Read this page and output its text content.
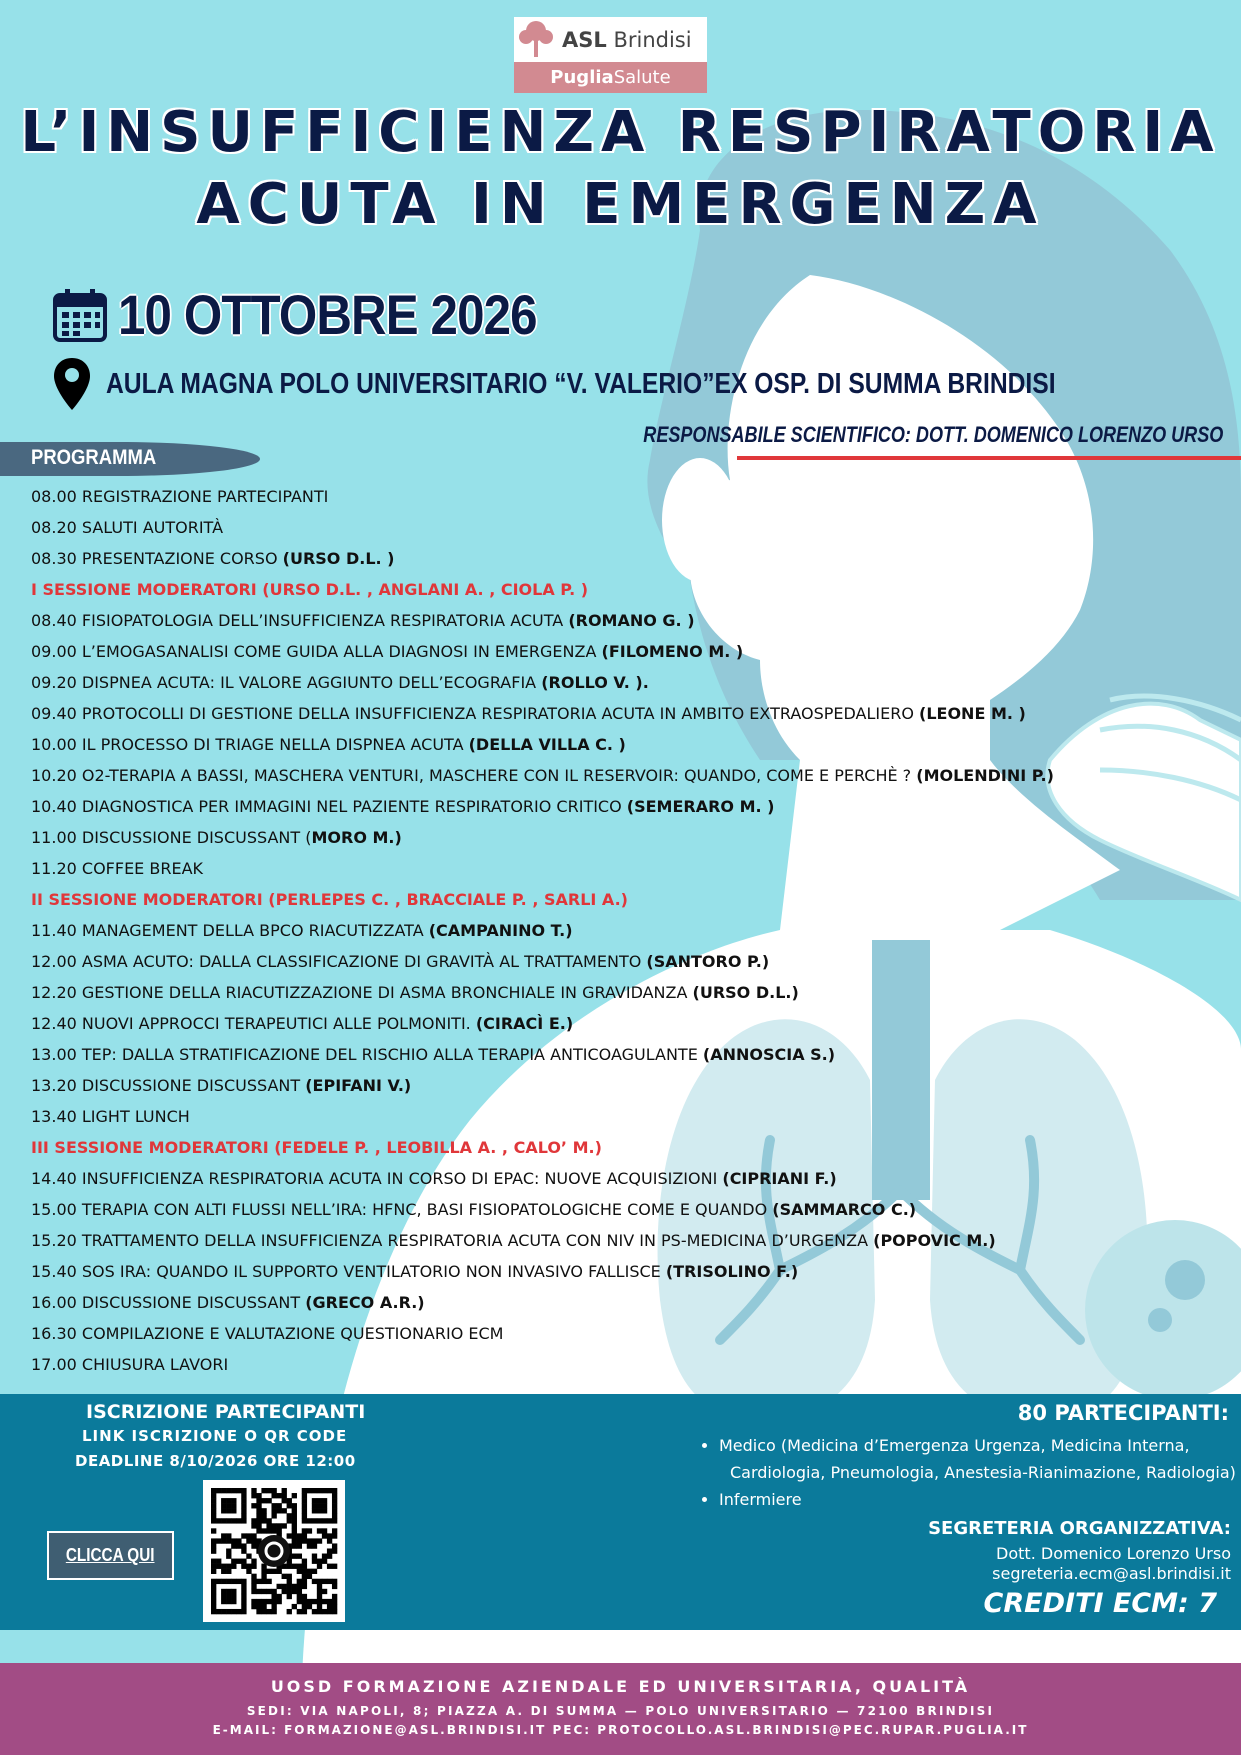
ASL Brindisi
PugliaSalute
L’INSUFFICIENZA RESPIRATORIA
ACUTA IN EMERGENZA
10 OTTOBRE 2026
AULA MAGNA POLO UNIVERSITARIO “V. VALERIO”EX OSP. DI SUMMA BRINDISI
RESPONSABILE SCIENTIFICO: DOTT. DOMENICO LORENZO URSO
PROGRAMMA
08.00 REGISTRAZIONE PARTECIPANTI
08.20 SALUTI AUTORITÀ
08.30 PRESENTAZIONE CORSO (URSO D.L. )
I SESSIONE MODERATORI (URSO D.L. , ANGLANI A. , CIOLA P. )
08.40 FISIOPATOLOGIA DELL’INSUFFICIENZA RESPIRATORIA ACUTA (ROMANO G. )
09.00 L’EMOGASANALISI COME GUIDA ALLA DIAGNOSI IN EMERGENZA (FILOMENO M. )
09.20 DISPNEA ACUTA: IL VALORE AGGIUNTO DELL’ECOGRAFIA (ROLLO V. ).
09.40 PROTOCOLLI DI GESTIONE DELLA INSUFFICIENZA RESPIRATORIA ACUTA IN AMBITO EXTRAOSPEDALIERO (LEONE M. )
10.00 IL PROCESSO DI TRIAGE NELLA DISPNEA ACUTA (DELLA VILLA C. )
10.20 O2-TERAPIA A BASSI, MASCHERA VENTURI, MASCHERE CON IL RESERVOIR: QUANDO, COME E PERCHÈ ? (MOLENDINI P.)
10.40 DIAGNOSTICA PER IMMAGINI NEL PAZIENTE RESPIRATORIO CRITICO (SEMERARO M. )
11.00 DISCUSSIONE DISCUSSANT (MORO M.)
11.20 COFFEE BREAK
II SESSIONE MODERATORI (PERLEPES C. , BRACCIALE P. , SARLI A.)
11.40 MANAGEMENT DELLA BPCO RIACUTIZZATA (CAMPANINO T.)
12.00 ASMA ACUTO: DALLA CLASSIFICAZIONE DI GRAVITÀ AL TRATTAMENTO (SANTORO P.)
12.20 GESTIONE DELLA RIACUTIZZAZIONE DI ASMA BRONCHIALE IN GRAVIDANZA (URSO D.L.)
12.40 NUOVI APPROCCI TERAPEUTICI ALLE POLMONITI. (CIRACÌ E.)
13.00 TEP: DALLA STRATIFICAZIONE DEL RISCHIO ALLA TERAPIA ANTICOAGULANTE (ANNOSCIA S.)
13.20 DISCUSSIONE DISCUSSANT (EPIFANI V.)
13.40 LIGHT LUNCH
III SESSIONE MODERATORI (FEDELE P. , LEOBILLA A. , CALO’ M.)
14.40 INSUFFICIENZA RESPIRATORIA ACUTA IN CORSO DI EPAC: NUOVE ACQUISIZIONI (CIPRIANI F.)
15.00 TERAPIA CON ALTI FLUSSI NELL’IRA: HFNC, BASI FISIOPATOLOGICHE COME E QUANDO (SAMMARCO C.)
15.20 TRATTAMENTO DELLA INSUFFICIENZA RESPIRATORIA ACUTA CON NIV IN PS-MEDICINA D’URGENZA (POPOVIC M.)
15.40 SOS IRA: QUANDO IL SUPPORTO VENTILATORIO NON INVASIVO FALLISCE (TRISOLINO F.)
16.00 DISCUSSIONE DISCUSSANT (GRECO A.R.)
16.30 COMPILAZIONE E VALUTAZIONE QUESTIONARIO ECM
17.00 CHIUSURA LAVORI
ISCRIZIONE PARTECIPANTI
LINK ISCRIZIONE O QR CODE
DEADLINE 8/10/2026 ORE 12:00
CLICCA QUI
80 PARTECIPANTI:
• Medico (Medicina d’Emergenza Urgenza, Medicina Interna,
Cardiologia, Pneumologia, Anestesia-Rianimazione, Radiologia)
• Infermiere
SEGRETERIA ORGANIZZATIVA:
Dott. Domenico Lorenzo Urso
segreteria.ecm@asl.brindisi.it
CREDITI ECM: 7
UOSD FORMAZIONE AZIENDALE ED UNIVERSITARIA, QUALITÀ
SEDI: VIA NAPOLI, 8; PIAZZA A. DI SUMMA — POLO UNIVERSITARIO — 72100 BRINDISI
E-MAIL: FORMAZIONE@ASL.BRINDISI.IT PEC: PROTOCOLLO.ASL.BRINDISI@PEC.RUPAR.PUGLIA.IT
